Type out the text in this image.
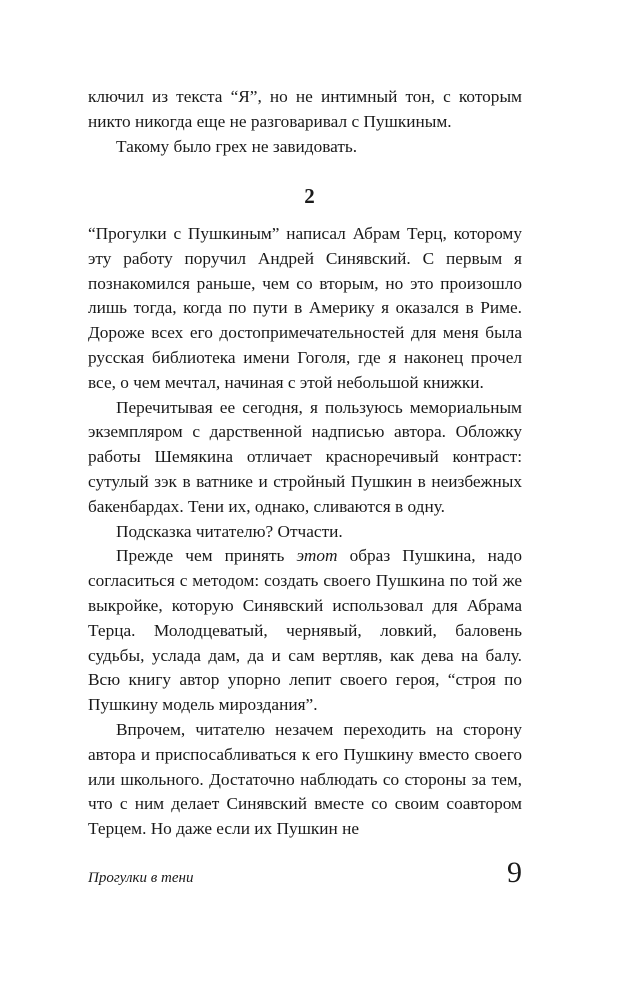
ключил из текста “Я”, но не интимный тон, с которым никто никогда еще не разговаривал с Пушкиным.

Такому было грех не завидовать.

2

“Прогулки с Пушкиным” написал Абрам Терц, которому эту работу поручил Андрей Синявский. С первым я познакомился раньше, чем со вторым, но это произошло лишь тогда, когда по пути в Америку я оказался в Риме. Дороже всех его достопримечательностей для меня была русская библиотека имени Гоголя, где я наконец прочел все, о чем мечтал, начиная с этой небольшой книжки.

Перечитывая ее сегодня, я пользуюсь мемориальным экземпляром с дарственной надписью автора. Обложку работы Шемякина отличает красноречивый контраст: сутулый зэк в ватнике и стройный Пушкин в неизбежных бакенбардах. Тени их, однако, сливаются в одну.

Подсказка читателю? Отчасти.

Прежде чем принять этот образ Пушкина, надо согласиться с методом: создать своего Пушкина по той же выкройке, которую Синявский использовал для Абрама Терца. Молодцеватый, чернявый, ловкий, баловень судьбы, услада дам, да и сам вертляв, как дева на балу. Всю книгу автор упорно лепит своего героя, “строя по Пушкину модель мироздания”.

Впрочем, читателю незачем переходить на сторону автора и приспосабливаться к его Пушкину вместо своего или школьного. Достаточно наблюдать со стороны за тем, что с ним делает Синявский вместе со своим соавтором Терцем. Но даже если их Пушкин не

Прогулки в тени	9
